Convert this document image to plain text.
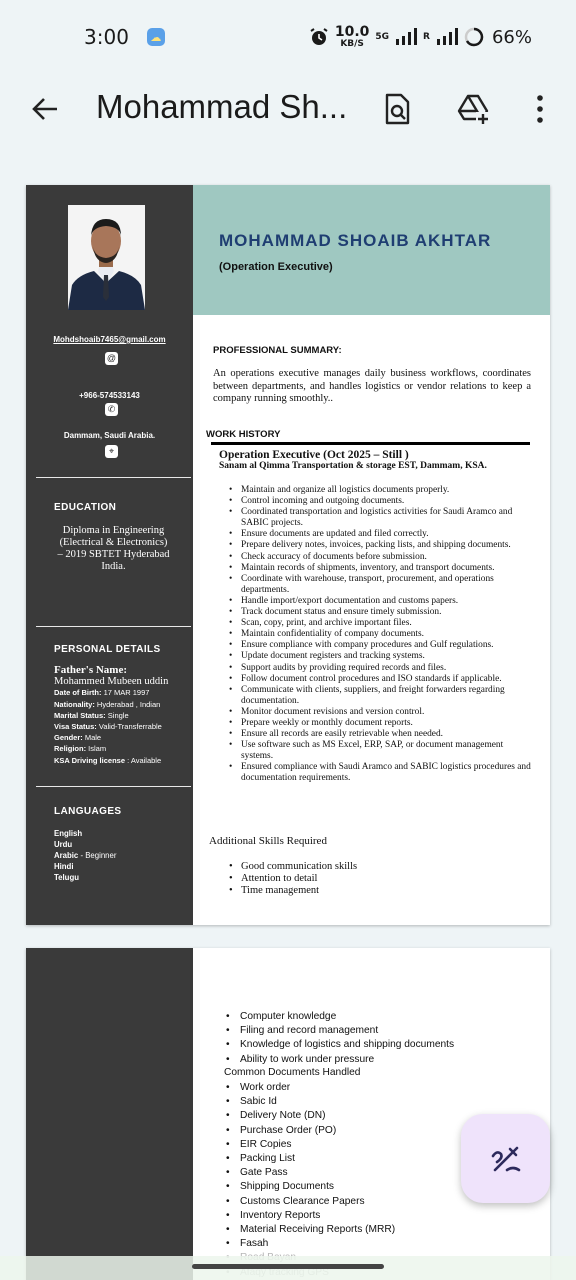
3:00	☁	10.0
KB/S
5G	R	66%
Mohammad Sh...
Mohdshoaib7465@gmail.com
@
+966-574533143
✆
Dammam, Saudi Arabia.
⌖
EDUCATION
Diploma in Engineering (Electrical & Electronics) – 2019 SBTET Hyderabad India.
PERSONAL DETAILS
Father's Name:
Mohammed Mubeen uddin
Date of Birth: 17 MAR 1997
Nationality: Hyderabad , Indian
Marital Status: Single
Visa Status: Valid-Transferrable
Gender: Male
Religion: Islam
KSA Driving license : Available
LANGUAGES
English
Urdu
Arabic - Beginner
Hindi
Telugu
MOHAMMAD SHOAIB AKHTAR
(Operation Executive)
PROFESSIONAL SUMMARY:
An operations executive manages daily business workflows, coordinates between departments, and handles logistics or vendor relations to keep a company running smoothly..
WORK HISTORY
Operation Executive (Oct 2025 – Still )
Sanam al Qimma Transportation & storage EST, Dammam, KSA.
• Maintain and organize all logistics documents properly.
• Control incoming and outgoing documents.
• Coordinated transportation and logistics activities for Saudi Aramco and SABIC projects.
• Ensure documents are updated and filed correctly.
• Prepare delivery notes, invoices, packing lists, and shipping documents.
• Check accuracy of documents before submission.
• Maintain records of shipments, inventory, and transport documents.
• Coordinate with warehouse, transport, procurement, and operations departments.
• Handle import/export documentation and customs papers.
• Track document status and ensure timely submission.
• Scan, copy, print, and archive important files.
• Maintain confidentiality of company documents.
• Ensure compliance with company procedures and Gulf regulations.
• Update document registers and tracking systems.
• Support audits by providing required records and files.
• Follow document control procedures and ISO standards if applicable.
• Communicate with clients, suppliers, and freight forwarders regarding documentation.
• Monitor document revisions and version control.
• Prepare weekly or monthly document reports.
• Ensure all records are easily retrievable when needed.
• Use software such as MS Excel, ERP, SAP, or document management systems.
• Ensured compliance with Saudi Aramco and SABIC logistics procedures and documentation requirements.
Additional Skills Required
• Good communication skills
• Attention to detail
• Time management
• Computer knowledge
• Filing and record management
• Knowledge of logistics and shipping documents
• Ability to work under pressure
Common Documents Handled
• Work order
• Sabic Id
• Delivery Note (DN)
• Purchase Order (PO)
• EIR Copies
• Packing List
• Gate Pass
• Shipping Documents
• Customs Clearance Papers
• Inventory Reports
• Material Receiving Reports (MRR)
• Fasah
•
•
